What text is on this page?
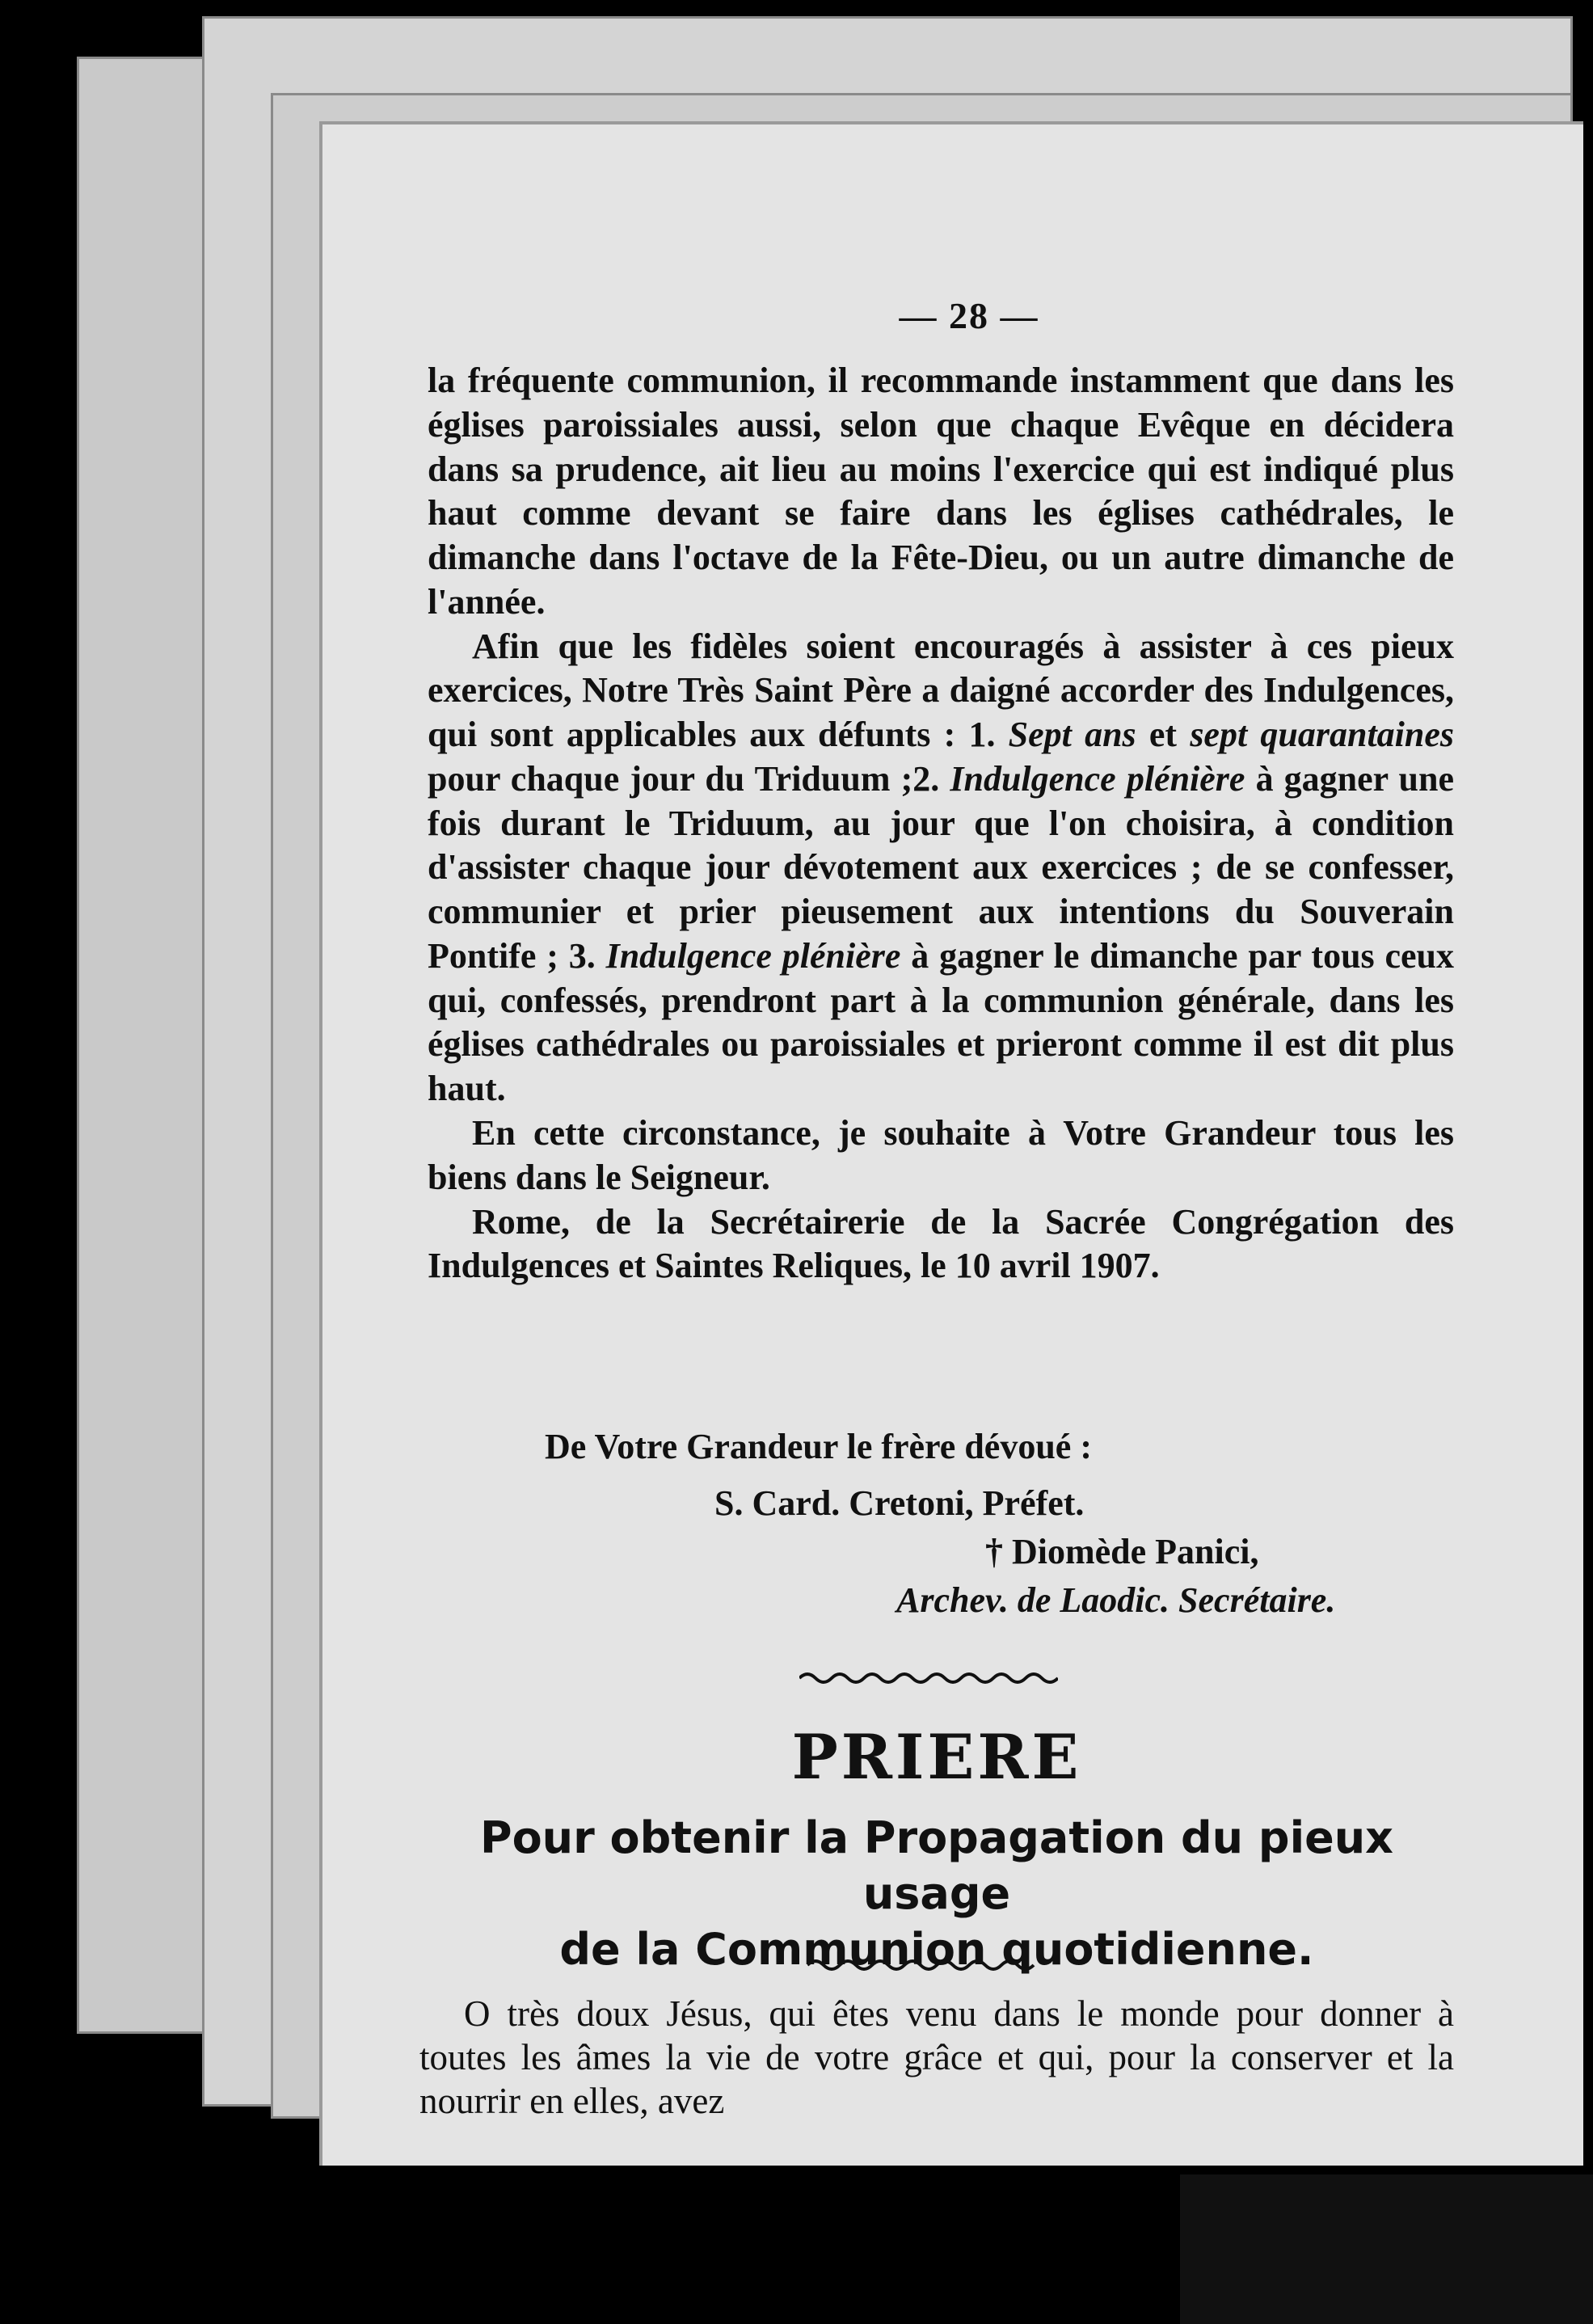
— 28 —

la fréquente communion, il recommande instamment que dans les églises paroissiales aussi, selon que chaque Evêque en décidera dans sa prudence, ait lieu au moins l'exercice qui est indiqué plus haut comme devant se faire dans les églises cathédrales, le dimanche dans l'octave de la Fête-Dieu, ou un autre dimanche de l'année.

Afin que les fidèles soient encouragés à assister à ces pieux exercices, Notre Très Saint Père a daigné accorder des Indulgences, qui sont applicables aux défunts : 1. Sept ans et sept quarantaines pour chaque jour du Triduum ;2. Indulgence plénière à gagner une fois durant le Triduum, au jour que l'on choisira, à condition d'assister chaque jour dévotement aux exercices ; de se confesser, communier et prier pieusement aux intentions du Souverain Pontife ; 3. Indulgence plénière à gagner le dimanche par tous ceux qui, confessés, prendront part à la communion générale, dans les églises cathédrales ou paroissiales et prieront comme il est dit plus haut.

En cette circonstance, je souhaite à Votre Grandeur tous les biens dans le Seigneur.

Rome, de la Secrétairerie de la Sacrée Congrégation des Indulgences et Saintes Reliques, le 10 avril 1907.

De Votre Grandeur le frère dévoué :
S. Card. Cretoni, Préfet.
† Diomède Panici,
Archev. de Laodic. Secrétaire.
PRIERE
Pour obtenir la Propagation du pieux usage
de la Communion quotidienne.

O très doux Jésus, qui êtes venu dans le monde pour donner à toutes les âmes la vie de votre grâce et qui, pour la conserver et la nourrir en elles, avez
